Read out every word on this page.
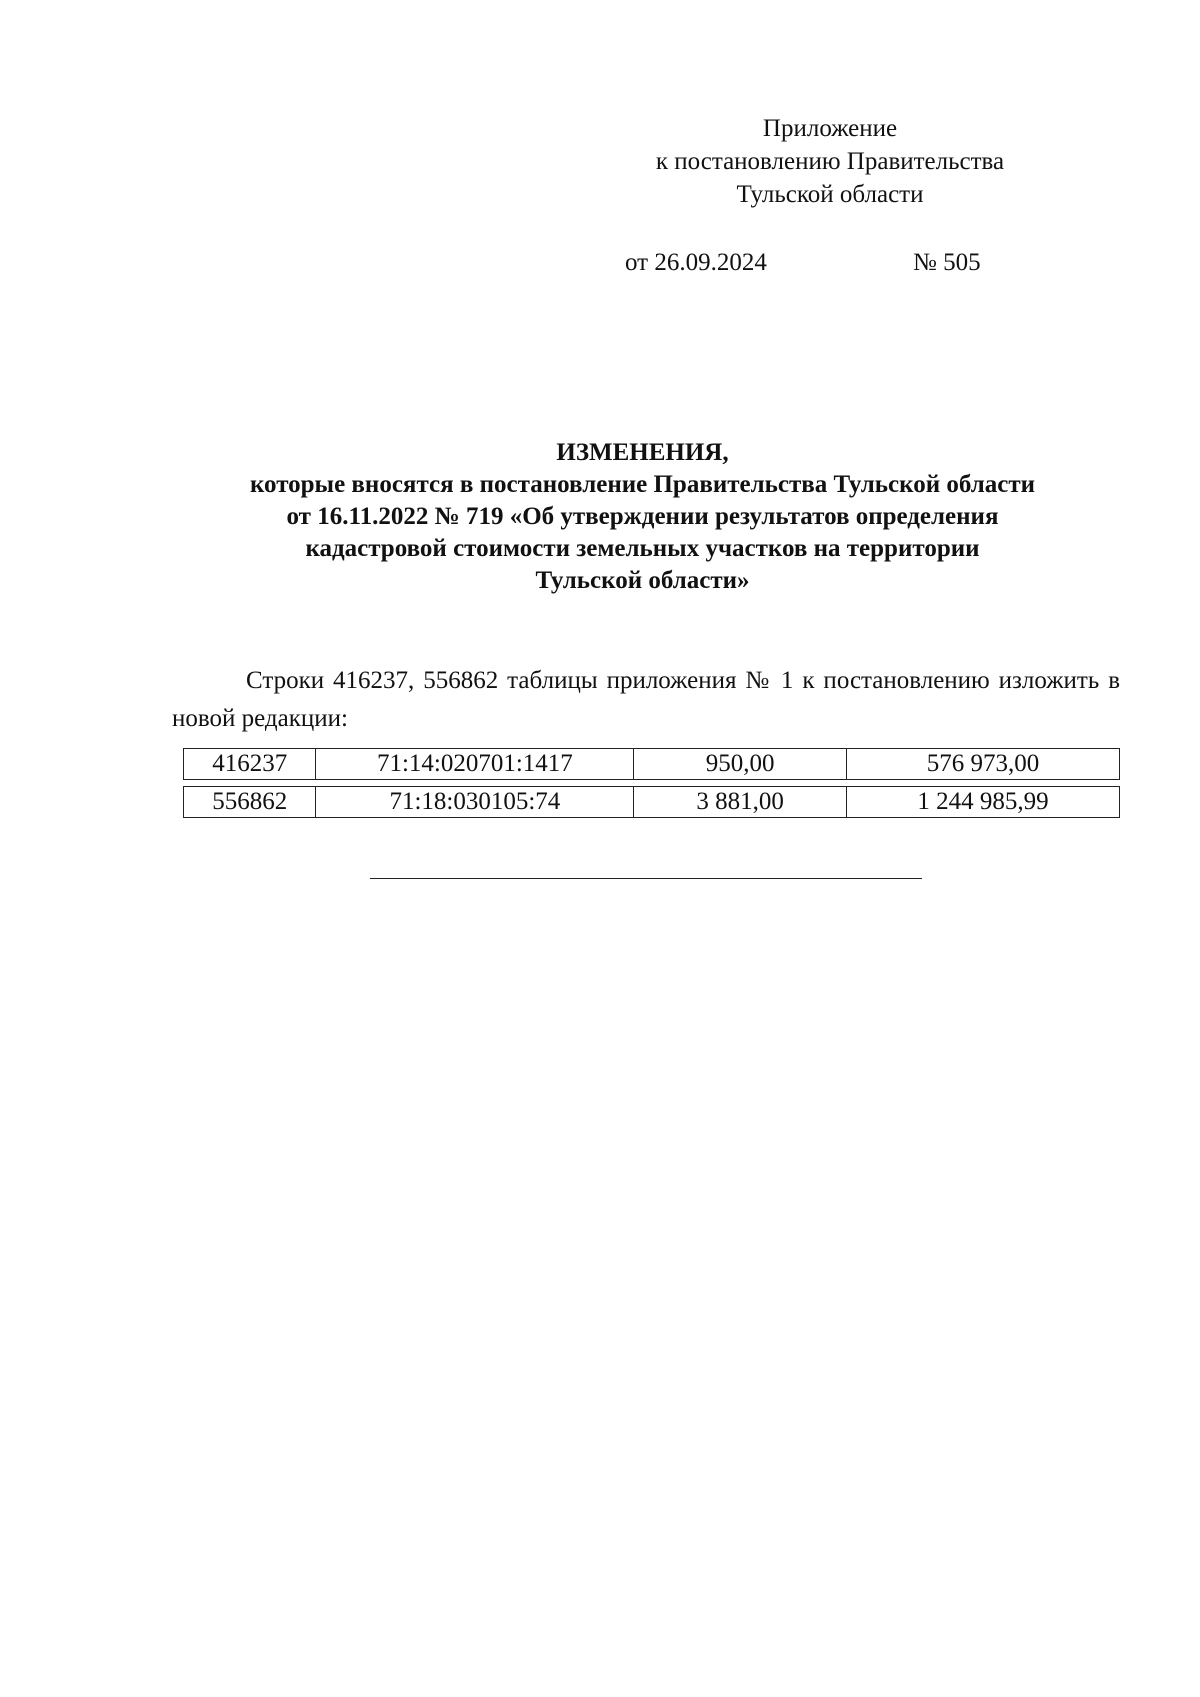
Приложение
к постановлению Правительства
Тульской области
от 26.09.2024	№ 505
ИЗМЕНЕНИЯ,
которые вносятся в постановление Правительства Тульской области
от 16.11.2022 № 719 «Об утверждении результатов определения
кадастровой стоимости земельных участков на территории
Тульской области»

Строки 416237, 556862 таблицы приложения № 1 к постановлению изложить в новой редакции:

416237	71:14:020701:1417	950,00	576 973,00
556862	71:18:030105:74	3 881,00	1 244 985,99
